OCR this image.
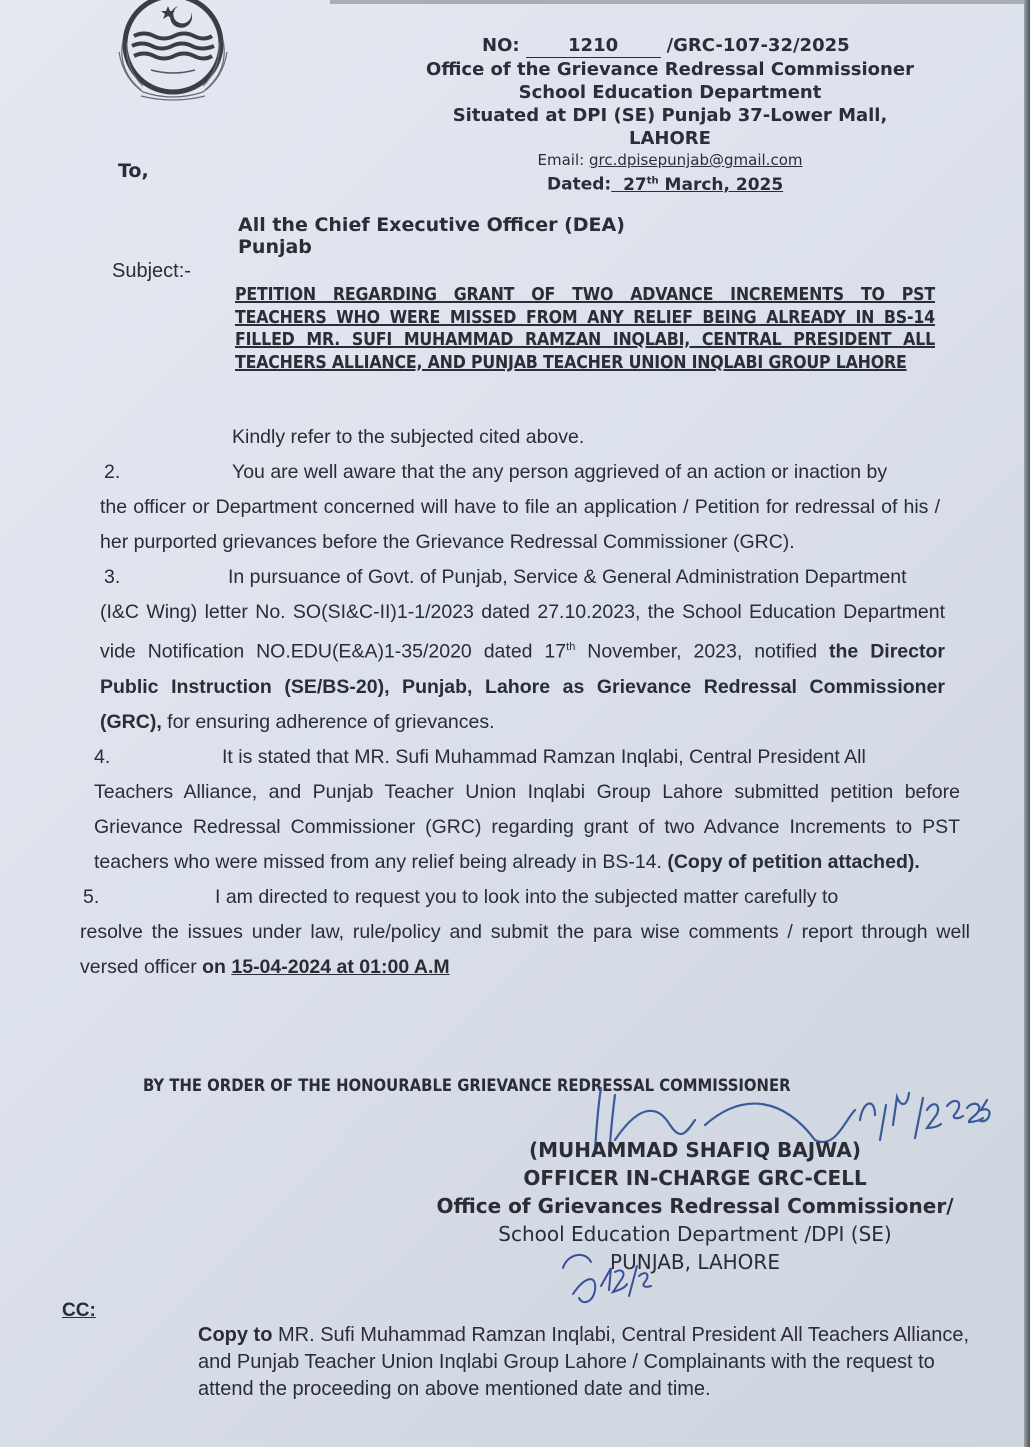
NO:	1210	/GRC-107-32/2025
Office of the Grievance Redressal Commissioner
School Education Department
Situated at DPI (SE) Punjab 37-Lower Mall,
LAHORE
Email: grc.dpisepunjab@gmail.com
Dated: 27th March, 2025
To,
All the Chief Executive Officer (DEA)
Punjab
Subject:-
PETITION REGARDING GRANT OF TWO ADVANCE INCREMENTS TO PST TEACHERS WHO WERE MISSED FROM ANY RELIEF BEING ALREADY IN BS-14 FILLED MR. SUFI MUHAMMAD RAMZAN INQLABI, CENTRAL PRESIDENT ALL TEACHERS ALLIANCE, AND PUNJAB TEACHER UNION INQLABI GROUP LAHORE
Kindly refer to the subjected cited above.
2.	You are well aware that the any person aggrieved of an action or inaction by
the officer or Department concerned will have to file an application / Petition for redressal of his / her purported grievances before the Grievance Redressal Commissioner (GRC).
3.	In pursuance of Govt. of Punjab, Service & General Administration Department
(I&C Wing) letter No. SO(SI&C-II)1-1/2023 dated 27.10.2023, the School Education Department vide Notification NO.EDU(E&A)1-35/2020 dated 17th November, 2023, notified the Director Public Instruction (SE/BS-20), Punjab, Lahore as Grievance Redressal Commissioner (GRC), for ensuring adherence of grievances.
4.	It is stated that MR. Sufi Muhammad Ramzan Inqlabi, Central President All
Teachers Alliance, and Punjab Teacher Union Inqlabi Group Lahore submitted petition before Grievance Redressal Commissioner (GRC) regarding grant of two Advance Increments to PST teachers who were missed from any relief being already in BS-14. (Copy of petition attached).
5.	I am directed to request you to look into the subjected matter carefully to
resolve the issues under law, rule/policy and submit the para wise comments / report through well versed officer on 15-04-2024 at 01:00 A.M
BY THE ORDER OF THE HONOURABLE GRIEVANCE REDRESSAL COMMISSIONER
(MUHAMMAD SHAFIQ BAJWA)
OFFICER IN-CHARGE GRC-CELL
Office of Grievances Redressal Commissioner/
School Education Department /DPI (SE)
PUNJAB, LAHORE
CC:
Copy to MR. Sufi Muhammad Ramzan Inqlabi, Central President All Teachers Alliance, and Punjab Teacher Union Inqlabi Group Lahore / Complainants with the request to attend the proceeding on above mentioned date and time.
